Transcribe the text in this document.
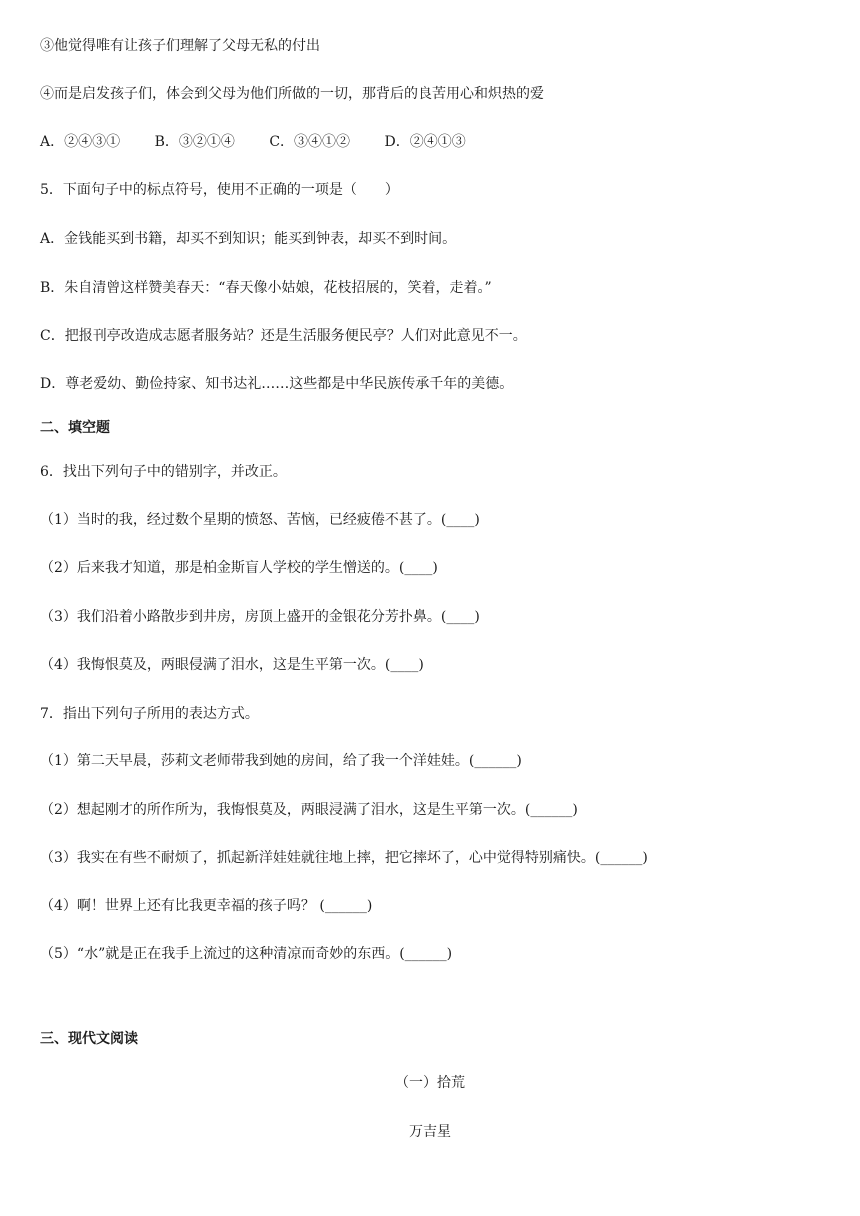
③他觉得唯有让孩子们理解了父母无私的付出
④而是启发孩子们，体会到父母为他们所做的一切，那背后的良苦用心和炽热的爱
A．②④③① B．③②①④ C．③④①② D．②④①③
5．下面句子中的标点符号，使用不正确的一项是（　　）
A．金钱能买到书籍，却买不到知识；能买到钟表，却买不到时间。
B．朱自清曾这样赞美春天：“春天像小姑娘，花枝招展的，笑着，走着。”
C．把报刊亭改造成志愿者服务站？还是生活服务便民亭？人们对此意见不一。
D．尊老爱幼、勤俭持家、知书达礼……这些都是中华民族传承千年的美德。
二、填空题
6．找出下列句子中的错别字，并改正。
（1）当时的我，经过数个星期的愤怒、苦恼，已经疲倦不甚了。(____)
（2）后来我才知道，那是柏金斯盲人学校的学生憎送的。(____)
（3）我们沿着小路散步到井房，房顶上盛开的金银花分芳扑鼻。(____)
（4）我悔恨莫及，两眼侵满了泪水，这是生平第一次。(____)
7．指出下列句子所用的表达方式。
（1）第二天早晨，莎莉文老师带我到她的房间，给了我一个洋娃娃。(______)
（2）想起刚才的所作所为，我悔恨莫及，两眼浸满了泪水，这是生平第一次。(______)
（3）我实在有些不耐烦了，抓起新洋娃娃就往地上摔，把它摔坏了，心中觉得特别痛快。(______)
（4）啊！世界上还有比我更幸福的孩子吗？ (______)
（5）“水”就是正在我手上流过的这种清凉而奇妙的东西。(______)
三、现代文阅读
（一）拾荒
万吉星
